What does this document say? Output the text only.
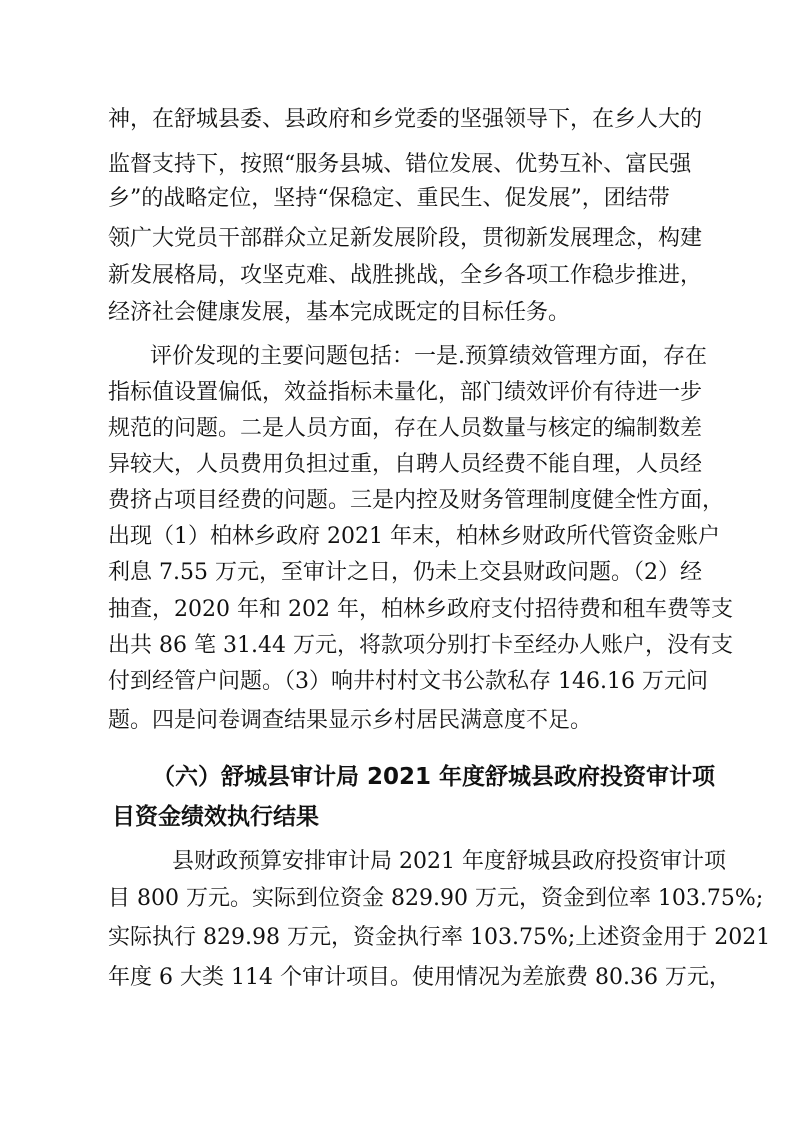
神，在舒城县委、县政府和乡党委的坚强领导下，在乡人大的
监督支持下，按照“服务县城、错位发展、优势互补、富民强
乡”的战略定位，坚持“保稳定、重民生、促发展”，团结带
领广大党员干部群众立足新发展阶段，贯彻新发展理念，构建
新发展格局，攻坚克难、战胜挑战，全乡各项工作稳步推进，
经济社会健康发展，基本完成既定的目标任务。
评价发现的主要问题包括：一是.预算绩效管理方面，存在
指标值设置偏低，效益指标未量化，部门绩效评价有待进一步
规范的问题。二是人员方面，存在人员数量与核定的编制数差
异较大，人员费用负担过重，自聘人员经费不能自理，人员经
费挤占项目经费的问题。三是内控及财务管理制度健全性方面，
出现（1）柏林乡政府 2021 年末，柏林乡财政所代管资金账户
利息 7.55 万元，至审计之日，仍未上交县财政问题。（2）经
抽查，2020 年和 202 年，柏林乡政府支付招待费和租车费等支
出共 86 笔 31.44 万元，将款项分别打卡至经办人账户，没有支
付到经管户问题。（3）响井村村文书公款私存 146.16 万元问
题。四是问卷调查结果显示乡村居民满意度不足。
（六）舒城县审计局 2021 年度舒城县政府投资审计项
目资金绩效执行结果
县财政预算安排审计局 2021 年度舒城县政府投资审计项
目 800 万元。实际到位资金 829.90 万元，资金到位率 103.75%;
实际执行 829.98 万元，资金执行率 103.75%;上述资金用于 2021
年度 6 大类 114 个审计项目。使用情况为差旅费 80.36 万元，
